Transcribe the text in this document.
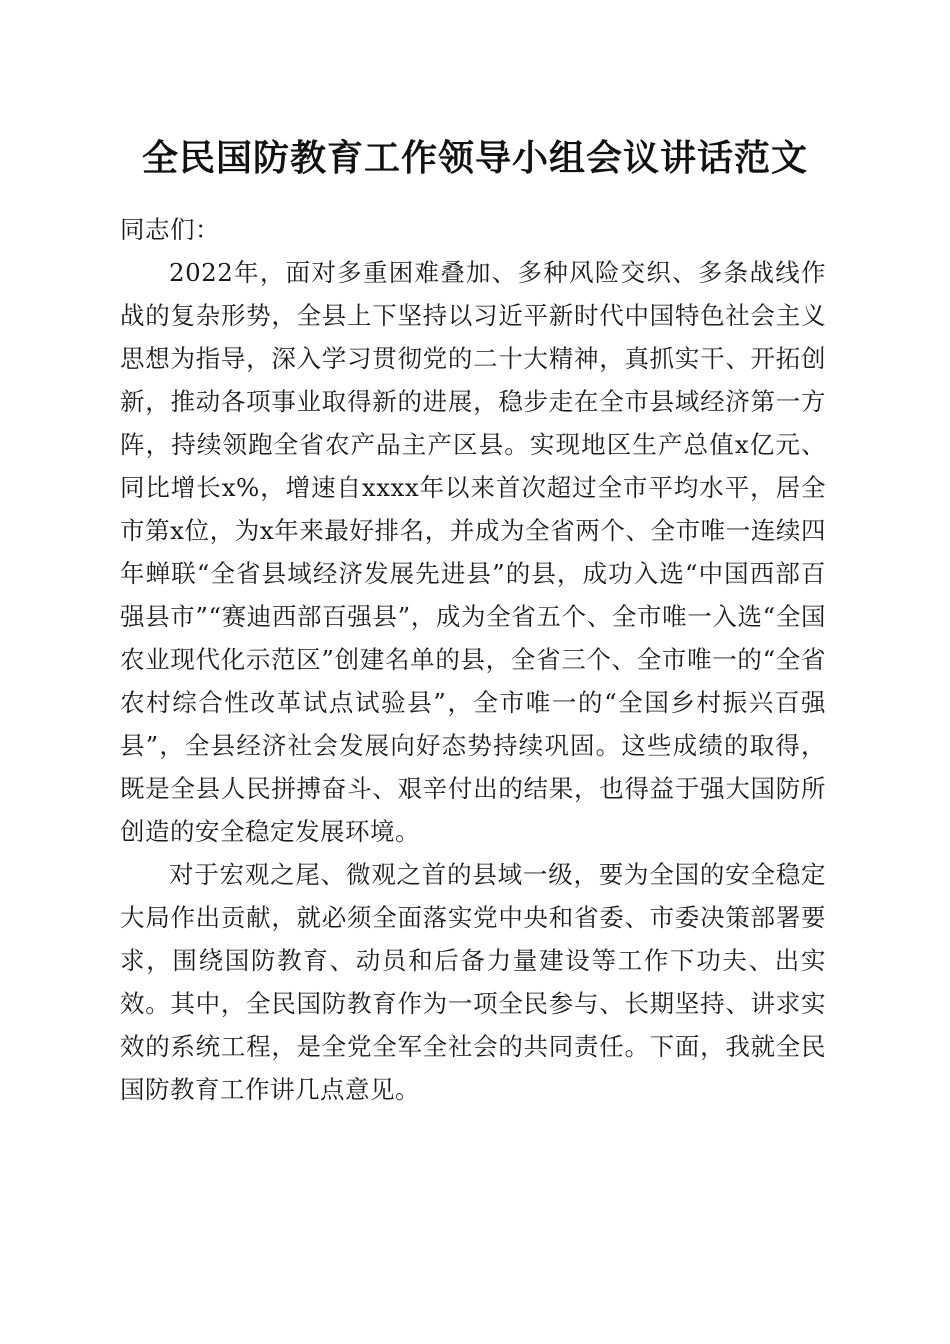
全民国防教育工作领导小组会议讲话范文

同志们：

2022年，面对多重困难叠加、多种风险交织、多条战线作战的复杂形势，全县上下坚持以习近平新时代中国特色社会主义思想为指导，深入学习贯彻党的二十大精神，真抓实干、开拓创新，推动各项事业取得新的进展，稳步走在全市县域经济第一方阵，持续领跑全省农产品主产区县。实现地区生产总值x亿元、同比增长x%，增速自xxxx年以来首次超过全市平均水平，居全市第x位，为x年来最好排名，并成为全省两个、全市唯一连续四年蝉联“全省县域经济发展先进县”的县，成功入选“中国西部百强县市”“赛迪西部百强县”，成为全省五个、全市唯一入选“全国农业现代化示范区”创建名单的县，全省三个、全市唯一的“全省农村综合性改革试点试验县”，全市唯一的“全国乡村振兴百强县”，全县经济社会发展向好态势持续巩固。这些成绩的取得，既是全县人民拼搏奋斗、艰辛付出的结果，也得益于强大国防所创造的安全稳定发展环境。

对于宏观之尾、微观之首的县域一级，要为全国的安全稳定大局作出贡献，就必须全面落实党中央和省委、市委决策部署要求，围绕国防教育、动员和后备力量建设等工作下功夫、出实效。其中，全民国防教育作为一项全民参与、长期坚持、讲求实效的系统工程，是全党全军全社会的共同责任。下面，我就全民国防教育工作讲几点意见。
